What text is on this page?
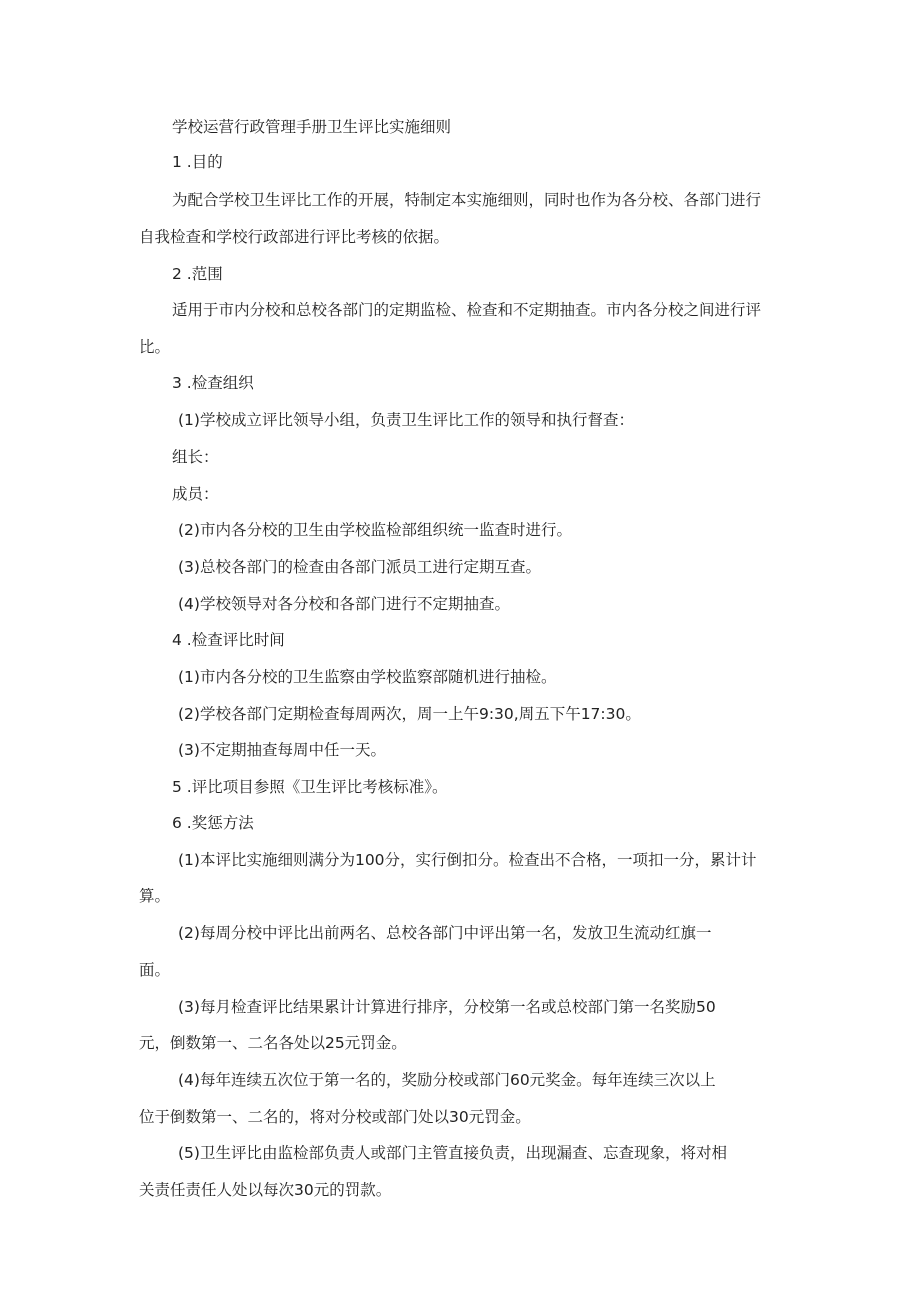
学校运营行政管理手册卫生评比实施细则
1 .目的
为配合学校卫生评比工作的开展，特制定本实施细则，同时也作为各分校、各部门进行
自我检查和学校行政部进行评比考核的依据。
2 .范围
适用于市内分校和总校各部门的定期监检、检查和不定期抽查。市内各分校之间进行评
比。
3 .检查组织
(1)学校成立评比领导小组，负责卫生评比工作的领导和执行督查：
组长：
成员：
(2)市内各分校的卫生由学校监检部组织统一监查时进行。
(3)总校各部门的检查由各部门派员工进行定期互查。
(4)学校领导对各分校和各部门进行不定期抽查。
4 .检查评比时间
(1)市内各分校的卫生监察由学校监察部随机进行抽检。
(2)学校各部门定期检查每周两次，周一上午9:30,周五下午17:30。
(3)不定期抽查每周中任一天。
5 .评比项目参照《卫生评比考核标准》。
6 .奖惩方法
(1)本评比实施细则满分为100分，实行倒扣分。检查出不合格，一项扣一分，累计计
算。
(2)每周分校中评比出前两名、总校各部门中评出第一名，发放卫生流动红旗一
面。
(3)每月检查评比结果累计计算进行排序，分校第一名或总校部门第一名奖励50
元，倒数第一、二名各处以25元罚金。
(4)每年连续五次位于第一名的，奖励分校或部门60元奖金。每年连续三次以上
位于倒数第一、二名的，将对分校或部门处以30元罚金。
(5)卫生评比由监检部负责人或部门主管直接负责，出现漏查、忘查现象，将对相
关责任责任人处以每次30元的罚款。
